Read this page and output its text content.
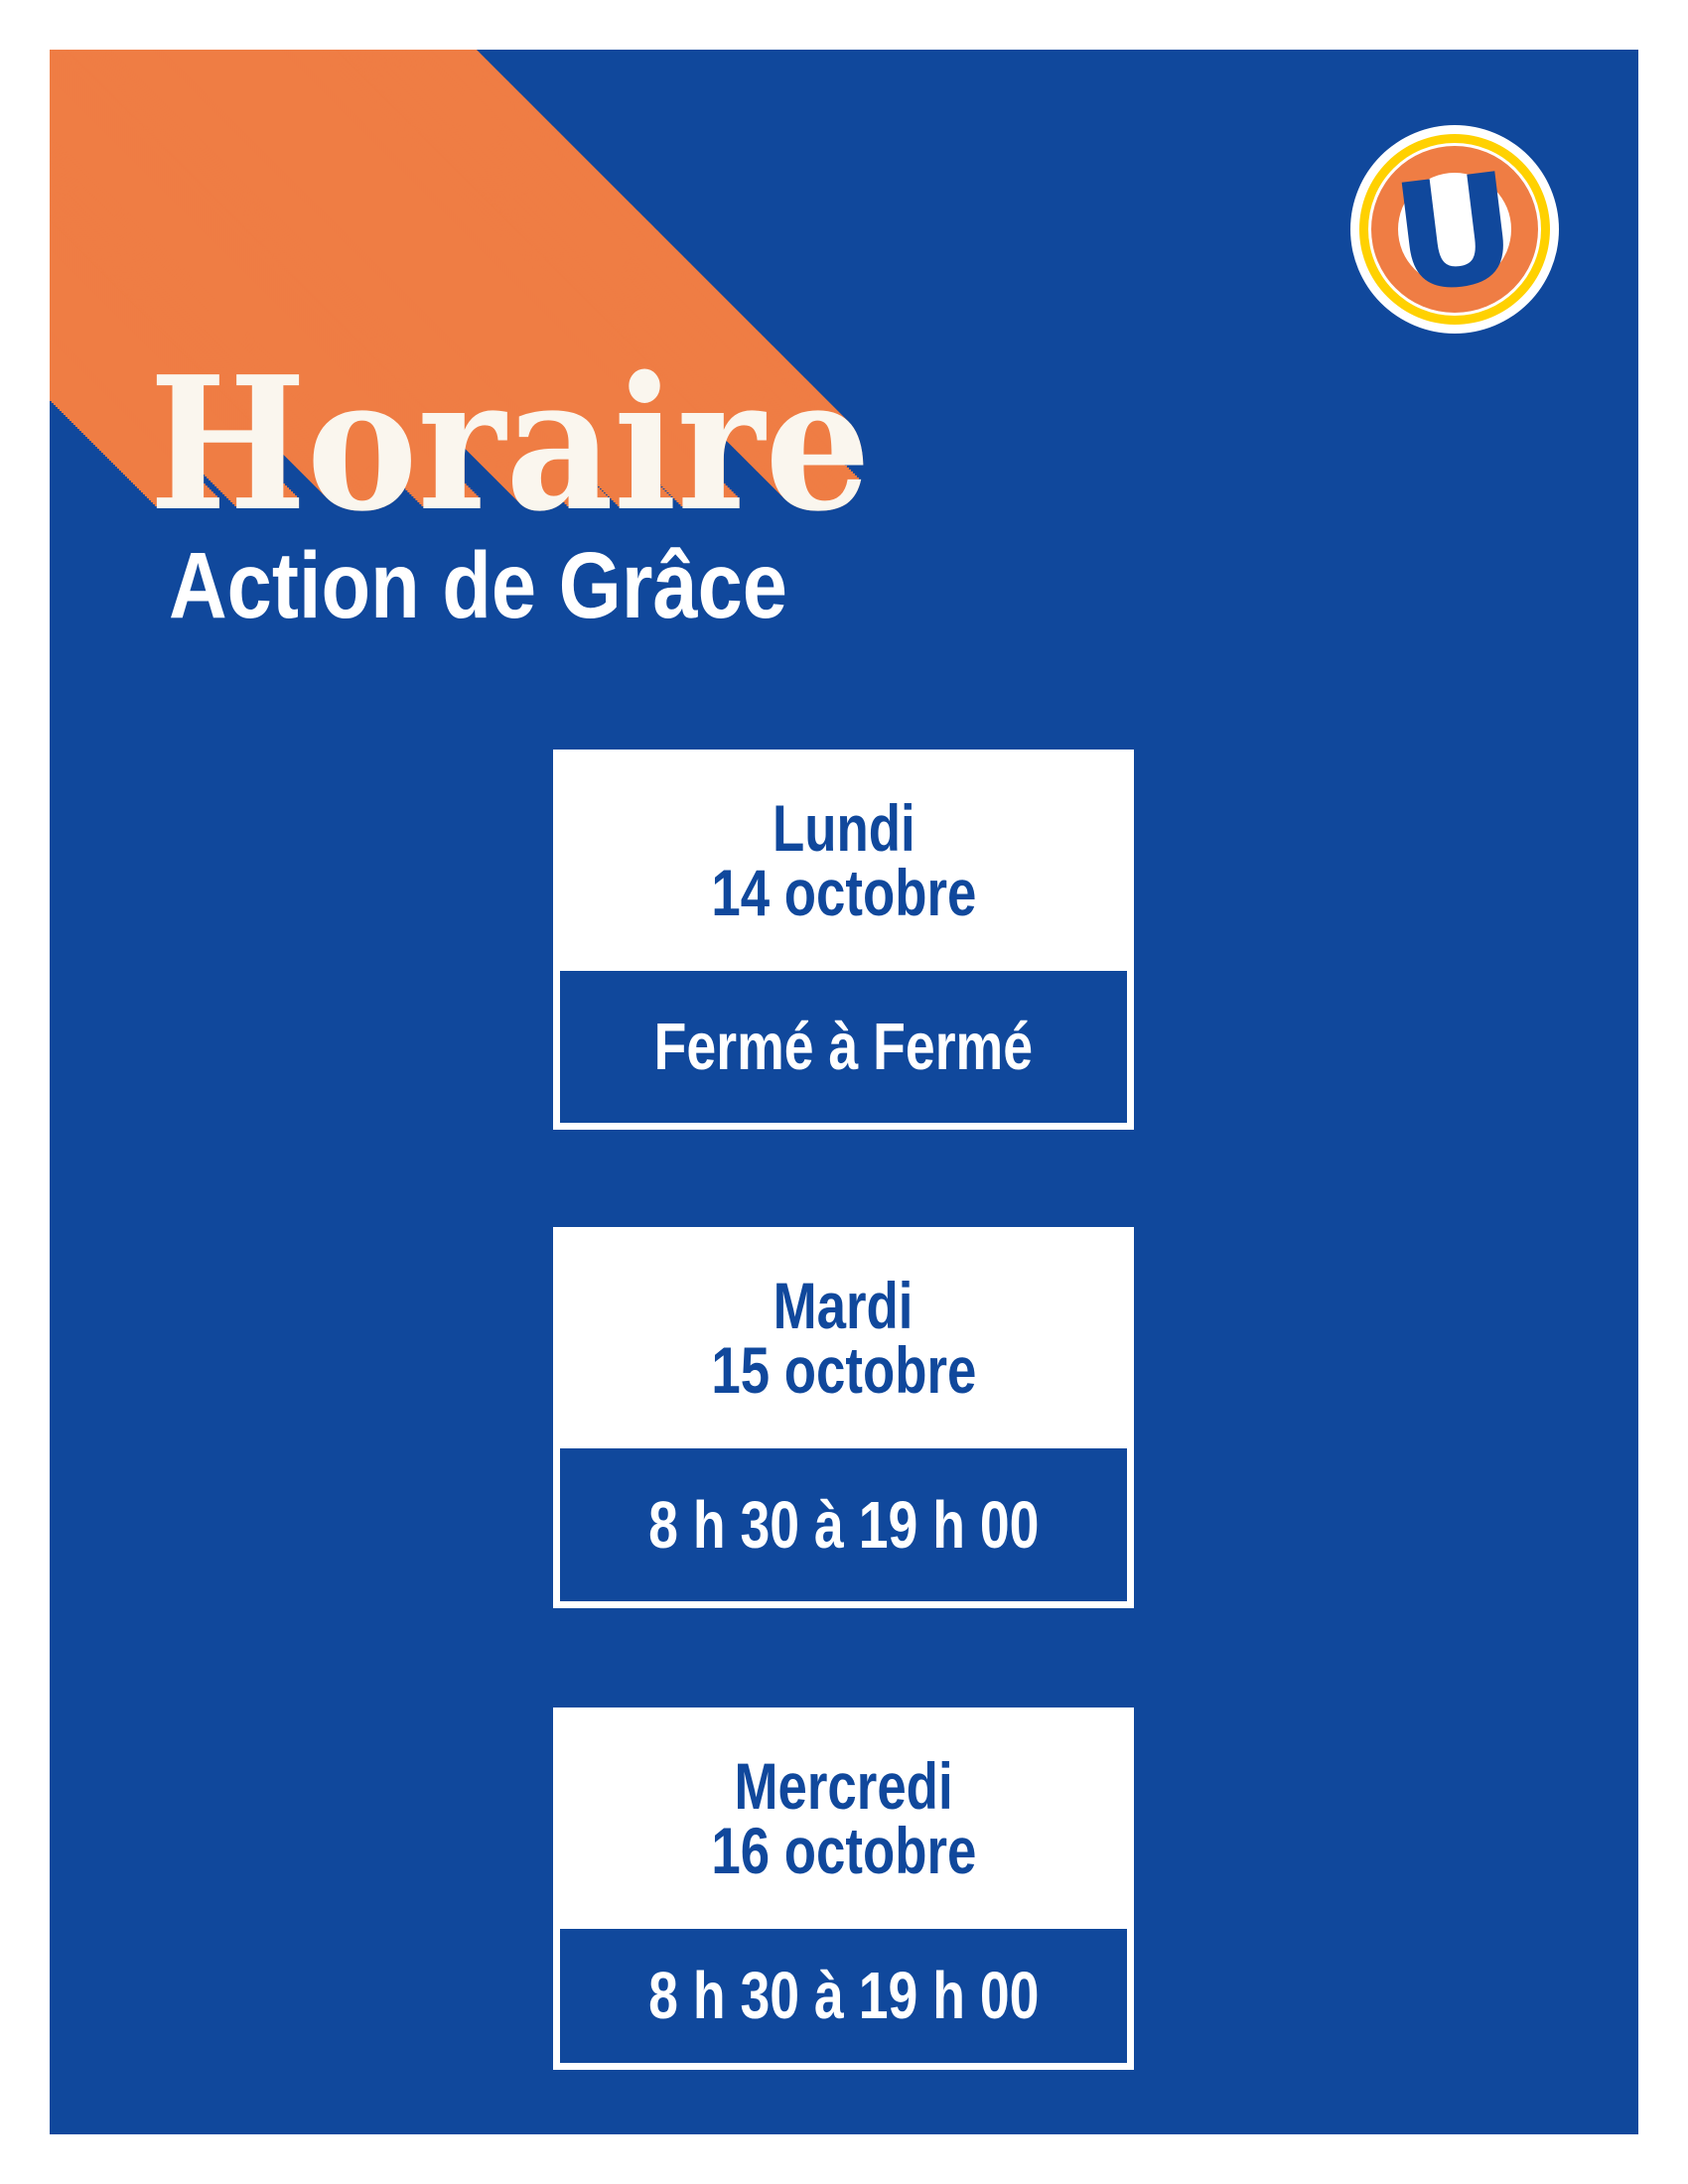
Action de Grâce
U
Lundi
14 octobre
Fermé à Fermé
Mardi
15 octobre
8 h 30 à 19 h 00
Mercredi
16 octobre
8 h 30 à 19 h 00
